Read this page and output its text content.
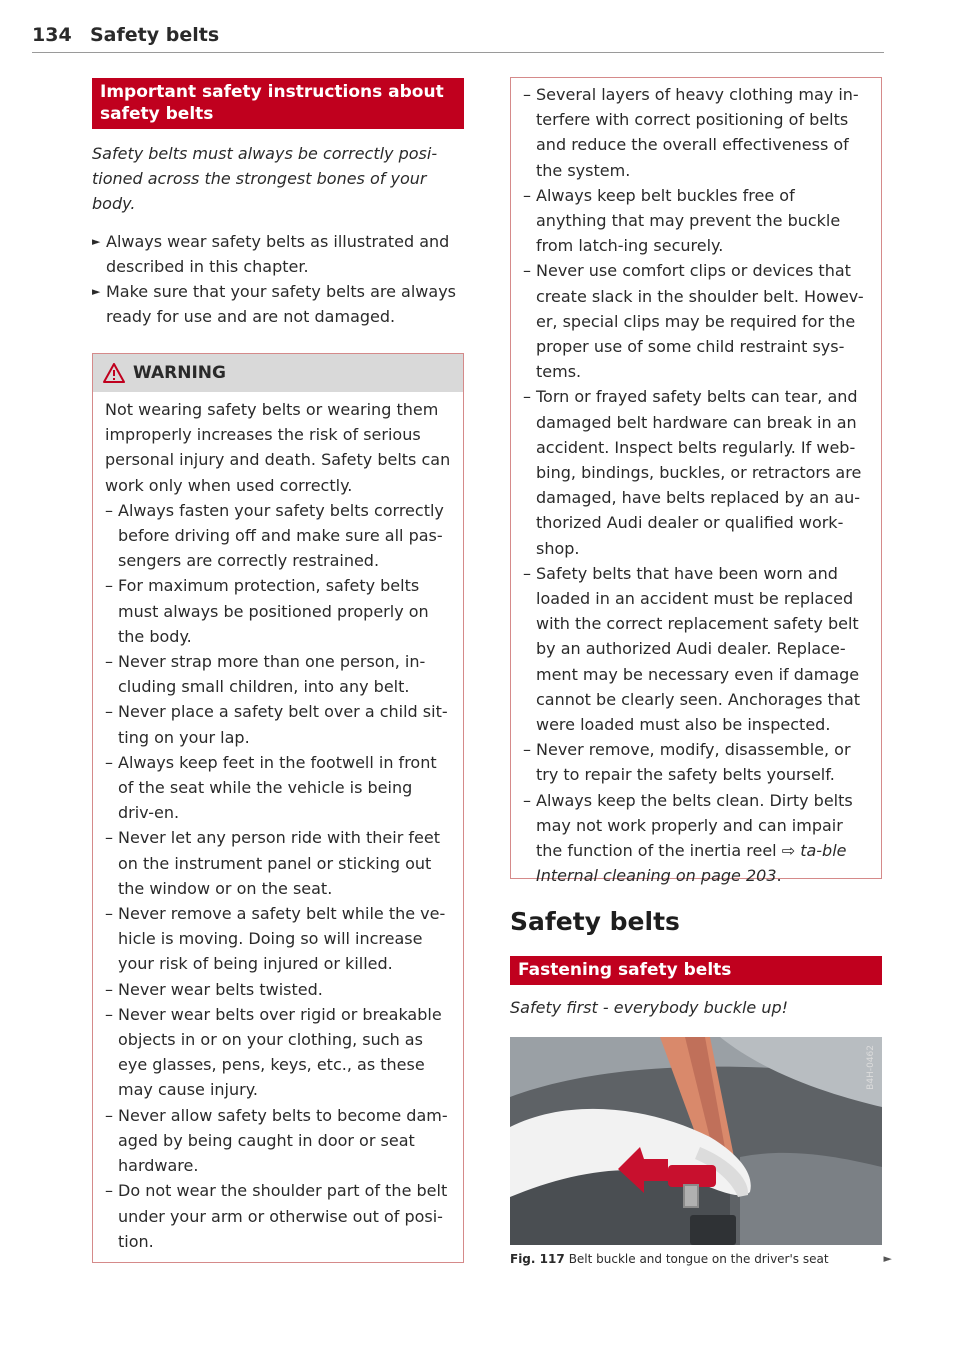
134 Safety belts
Important safety instructions about safety belts

Safety belts must always be correctly posi-tioned across the strongest bones of your body.

► Always wear safety belts as illustrated and described in this chapter.
► Make sure that your safety belts are always ready for use and are not damaged.
WARNING

Not wearing safety belts or wearing them improperly increases the risk of serious personal injury and death. Safety belts can work only when used correctly.

– Always fasten your safety belts correctly before driving off and make sure all pas-sengers are correctly restrained.
– For maximum protection, safety belts must always be positioned properly on the body.
– Never strap more than one person, in-cluding small children, into any belt.
– Never place a safety belt over a child sit-ting on your lap.
– Always keep feet in the footwell in front of the seat while the vehicle is being driv-en.
– Never let any person ride with their feet on the instrument panel or sticking out the window or on the seat.
– Never remove a safety belt while the ve-hicle is moving. Doing so will increase your risk of being injured or killed.
– Never wear belts twisted.
– Never wear belts over rigid or breakable objects in or on your clothing, such as eye glasses, pens, keys, etc., as these may cause injury.
– Never allow safety belts to become dam-aged by being caught in door or seat hardware.
– Do not wear the shoulder part of the belt under your arm or otherwise out of posi-tion.
– Several layers of heavy clothing may in-terfere with correct positioning of belts and reduce the overall effectiveness of the system.
– Always keep belt buckles free of anything that may prevent the buckle from latch-ing securely.
– Never use comfort clips or devices that create slack in the shoulder belt. Howev-er, special clips may be required for the proper use of some child restraint sys-tems.
– Torn or frayed safety belts can tear, and damaged belt hardware can break in an accident. Inspect belts regularly. If web-bing, bindings, buckles, or retractors are damaged, have belts replaced by an au-thorized Audi dealer or qualified work-shop.
– Safety belts that have been worn and loaded in an accident must be replaced with the correct replacement safety belt by an authorized Audi dealer. Replace-ment may be necessary even if damage cannot be clearly seen. Anchorages that were loaded must also be inspected.
– Never remove, modify, disassemble, or try to repair the safety belts yourself.
– Always keep the belts clean. Dirty belts may not work properly and can impair the function of the inertia reel ⇨ ta-ble Internal cleaning on page 203.
Safety belts
Fastening safety belts

Safety first - everybody buckle up!

B4H-0462
Fig. 117 Belt buckle and tongue on the driver's seat	►
